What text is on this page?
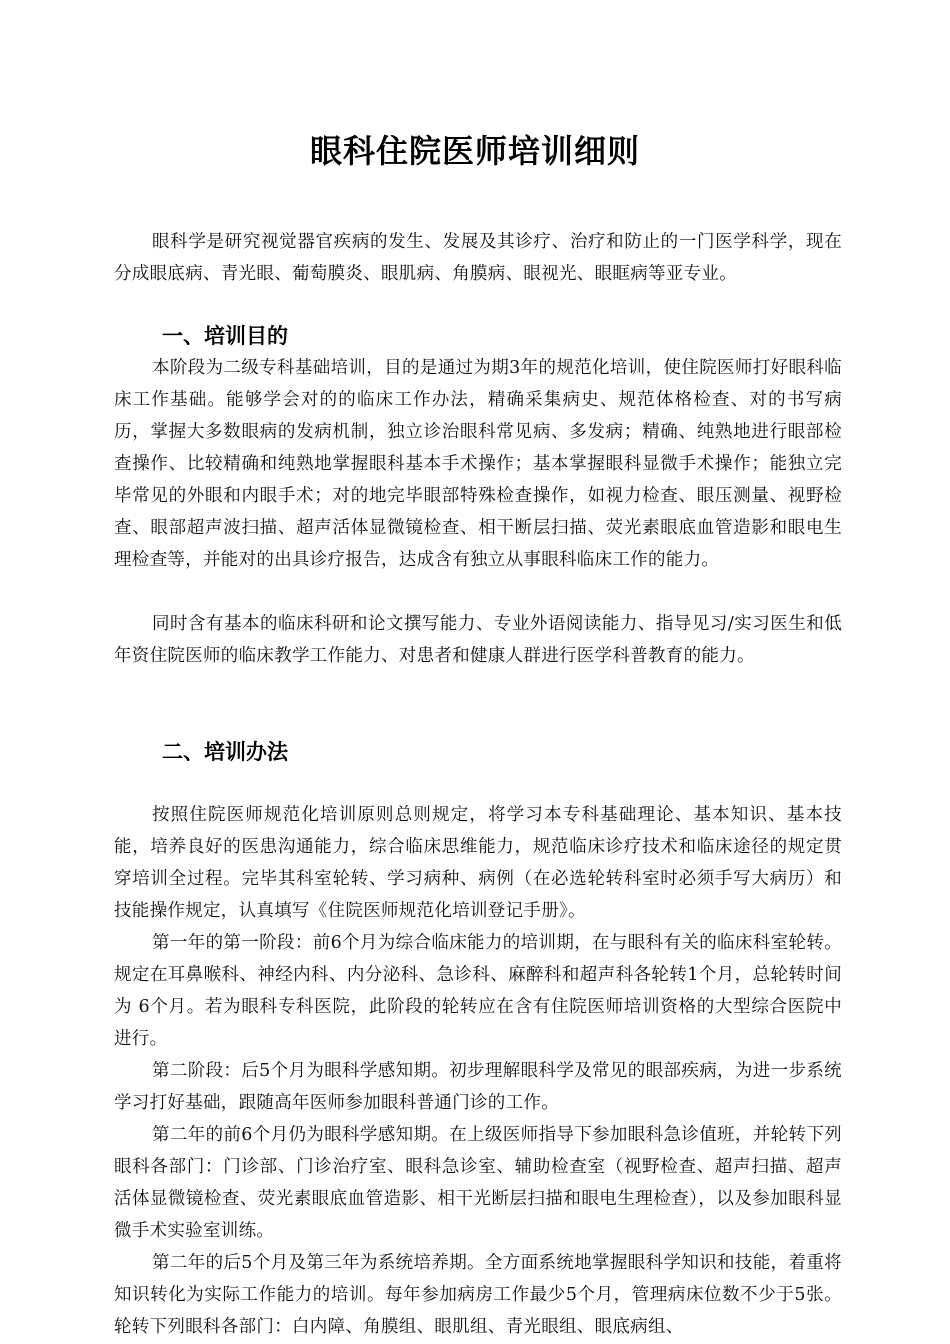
眼科住院医师培训细则
眼科学是研究视觉器官疾病的发生、发展及其诊疗、治疗和防止的一门医学科学，现在分成眼底病、青光眼、葡萄膜炎、眼肌病、角膜病、眼视光、眼眶病等亚专业。
一、培训目的
本阶段为二级专科基础培训，目的是通过为期3年的规范化培训，使住院医师打好眼科临床工作基础。能够学会对的的临床工作办法，精确采集病史、规范体格检查、对的书写病历，掌握大多数眼病的发病机制，独立诊治眼科常见病、多发病；精确、纯熟地进行眼部检查操作、比较精确和纯熟地掌握眼科基本手术操作；基本掌握眼科显微手术操作；能独立完毕常见的外眼和内眼手术；对的地完毕眼部特殊检查操作，如视力检查、眼压测量、视野检查、眼部超声波扫描、超声活体显微镜检查、相干断层扫描、荧光素眼底血管造影和眼电生理检查等，并能对的出具诊疗报告，达成含有独立从事眼科临床工作的能力。
同时含有基本的临床科研和论文撰写能力、专业外语阅读能力、指导见习/实习医生和低年资住院医师的临床教学工作能力、对患者和健康人群进行医学科普教育的能力。
二、培训办法
按照住院医师规范化培训原则总则规定，将学习本专科基础理论、基本知识、基本技能，培养良好的医患沟通能力，综合临床思维能力，规范临床诊疗技术和临床途径的规定贯穿培训全过程。完毕其科室轮转、学习病种、病例（在必选轮转科室时必须手写大病历）和技能操作规定，认真填写《住院医师规范化培训登记手册》。
第一年的第一阶段：前6个月为综合临床能力的培训期，在与眼科有关的临床科室轮转。规定在耳鼻喉科、神经内科、内分泌科、急诊科、麻醉科和超声科各轮转1个月，总轮转时间为 6个月。若为眼科专科医院，此阶段的轮转应在含有住院医师培训资格的大型综合医院中进行。
第二阶段：后5个月为眼科学感知期。初步理解眼科学及常见的眼部疾病，为进一步系统学习打好基础，跟随高年医师参加眼科普通门诊的工作。
第二年的前6个月仍为眼科学感知期。在上级医师指导下参加眼科急诊值班，并轮转下列眼科各部门：门诊部、门诊治疗室、眼科急诊室、辅助检查室（视野检查、超声扫描、超声活体显微镜检查、荧光素眼底血管造影、相干光断层扫描和眼电生理检查），以及参加眼科显微手术实验室训练。
第二年的后5个月及第三年为系统培养期。全方面系统地掌握眼科学知识和技能，着重将知识转化为实际工作能力的培训。每年参加病房工作最少5个月，管理病床位数不少于5张。轮转下列眼科各部门：白内障、角膜组、眼肌组、青光眼组、眼底病组、
